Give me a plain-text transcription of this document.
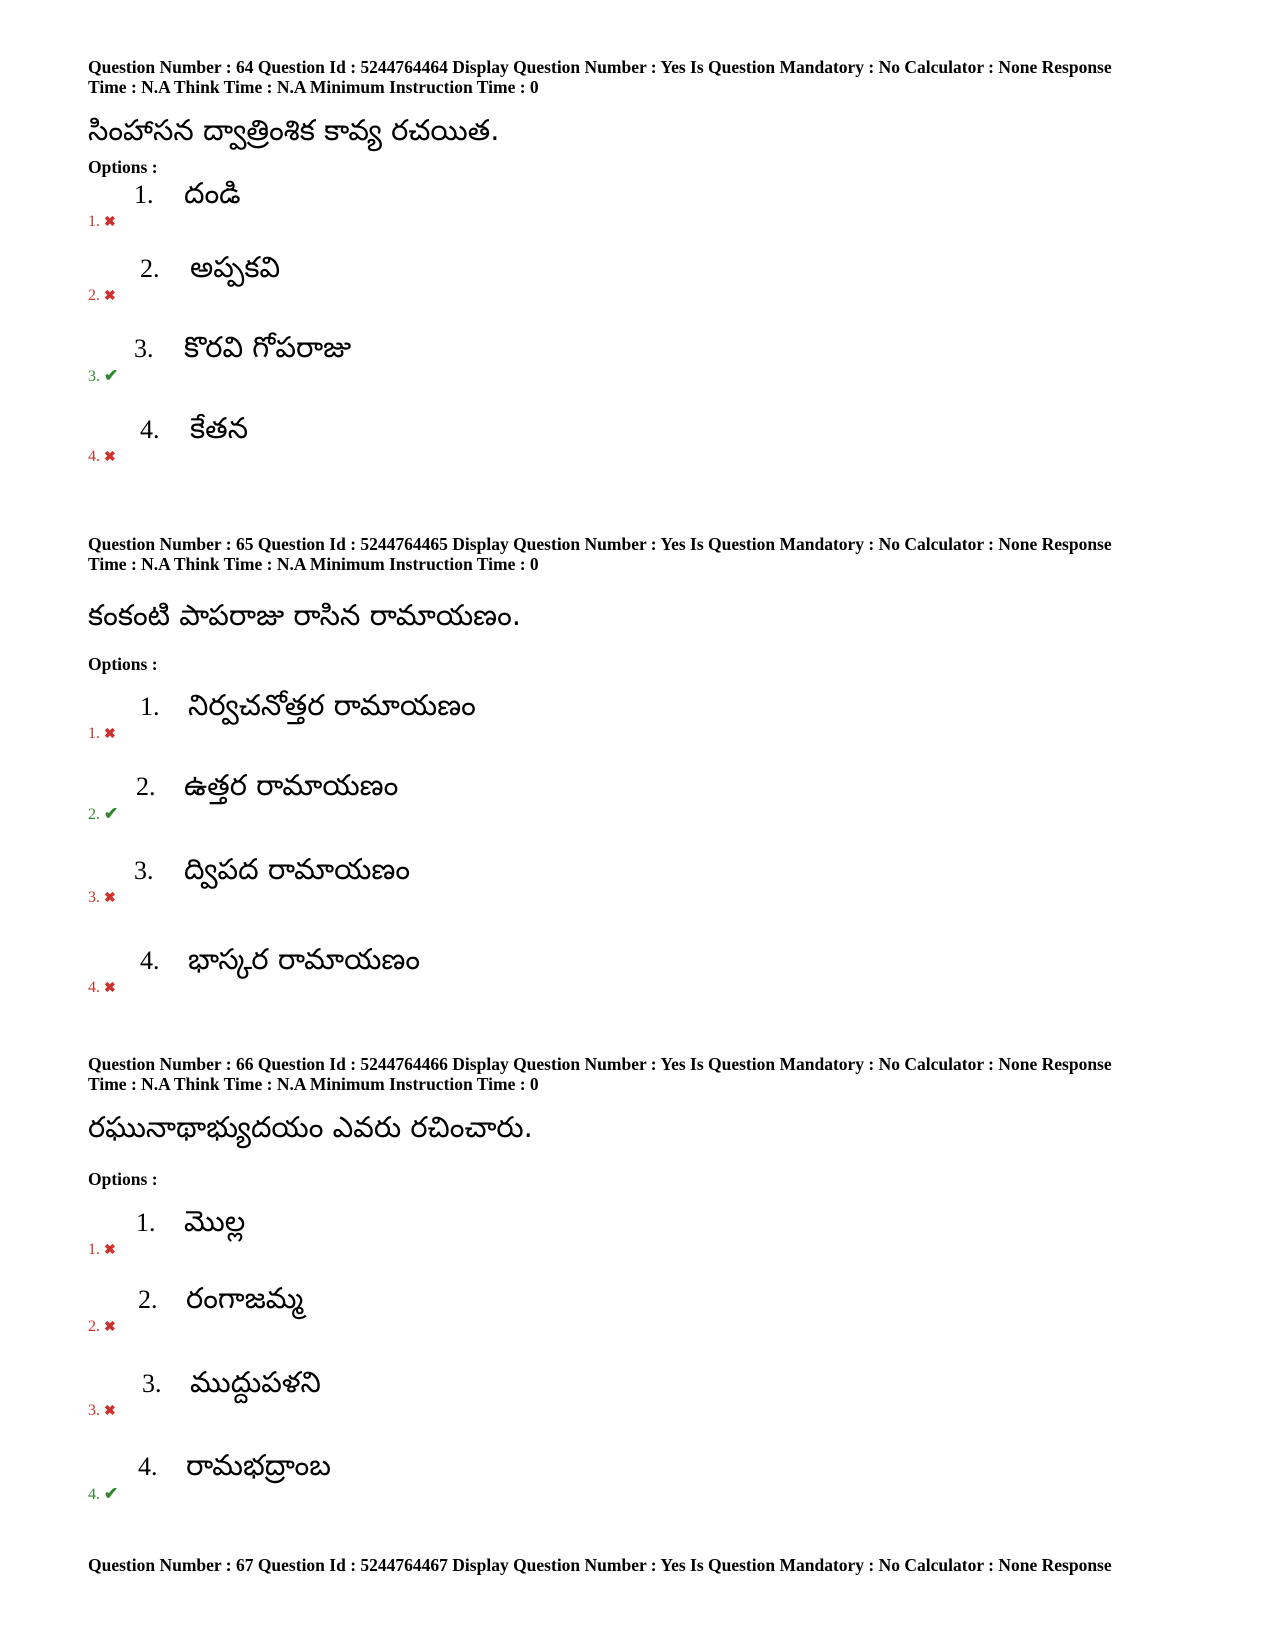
Question Number : 64 Question Id : 5244764464 Display Question Number : Yes Is Question Mandatory : No Calculator : None Response
Time : N.A Think Time : N.A Minimum Instruction Time : 0

సింహాసన ద్వాత్రింశిక కావ్య రచయిత.
Options :
1. ✖
1. దండి
2. ✖
2. అప్పకవి
3. ✔
3. కొరవి గోపరాజు
4. ✖
4. కేతన

Question Number : 65 Question Id : 5244764465 Display Question Number : Yes Is Question Mandatory : No Calculator : None Response
Time : N.A Think Time : N.A Minimum Instruction Time : 0

కంకంటి పాపరాజు రాసిన రామాయణం.
Options :
1. ✖
1. నిర్వచనోత్తర రామాయణం
2. ✔
2. ఉత్తర రామాయణం
3. ✖
3. ద్విపద రామాయణం
4. ✖
4. భాస్కర రామాయణం

Question Number : 66 Question Id : 5244764466 Display Question Number : Yes Is Question Mandatory : No Calculator : None Response
Time : N.A Think Time : N.A Minimum Instruction Time : 0

రఘునాథాభ్యుదయం ఎవరు రచించారు.
Options :
1. ✖
1. మొల్ల
2. ✖
2. రంగాజమ్మ
3. ✖
3. ముద్దుపళని
4. ✔
4. రామభద్రాంబ

Question Number : 67 Question Id : 5244764467 Display Question Number : Yes Is Question Mandatory : No Calculator : None Response
